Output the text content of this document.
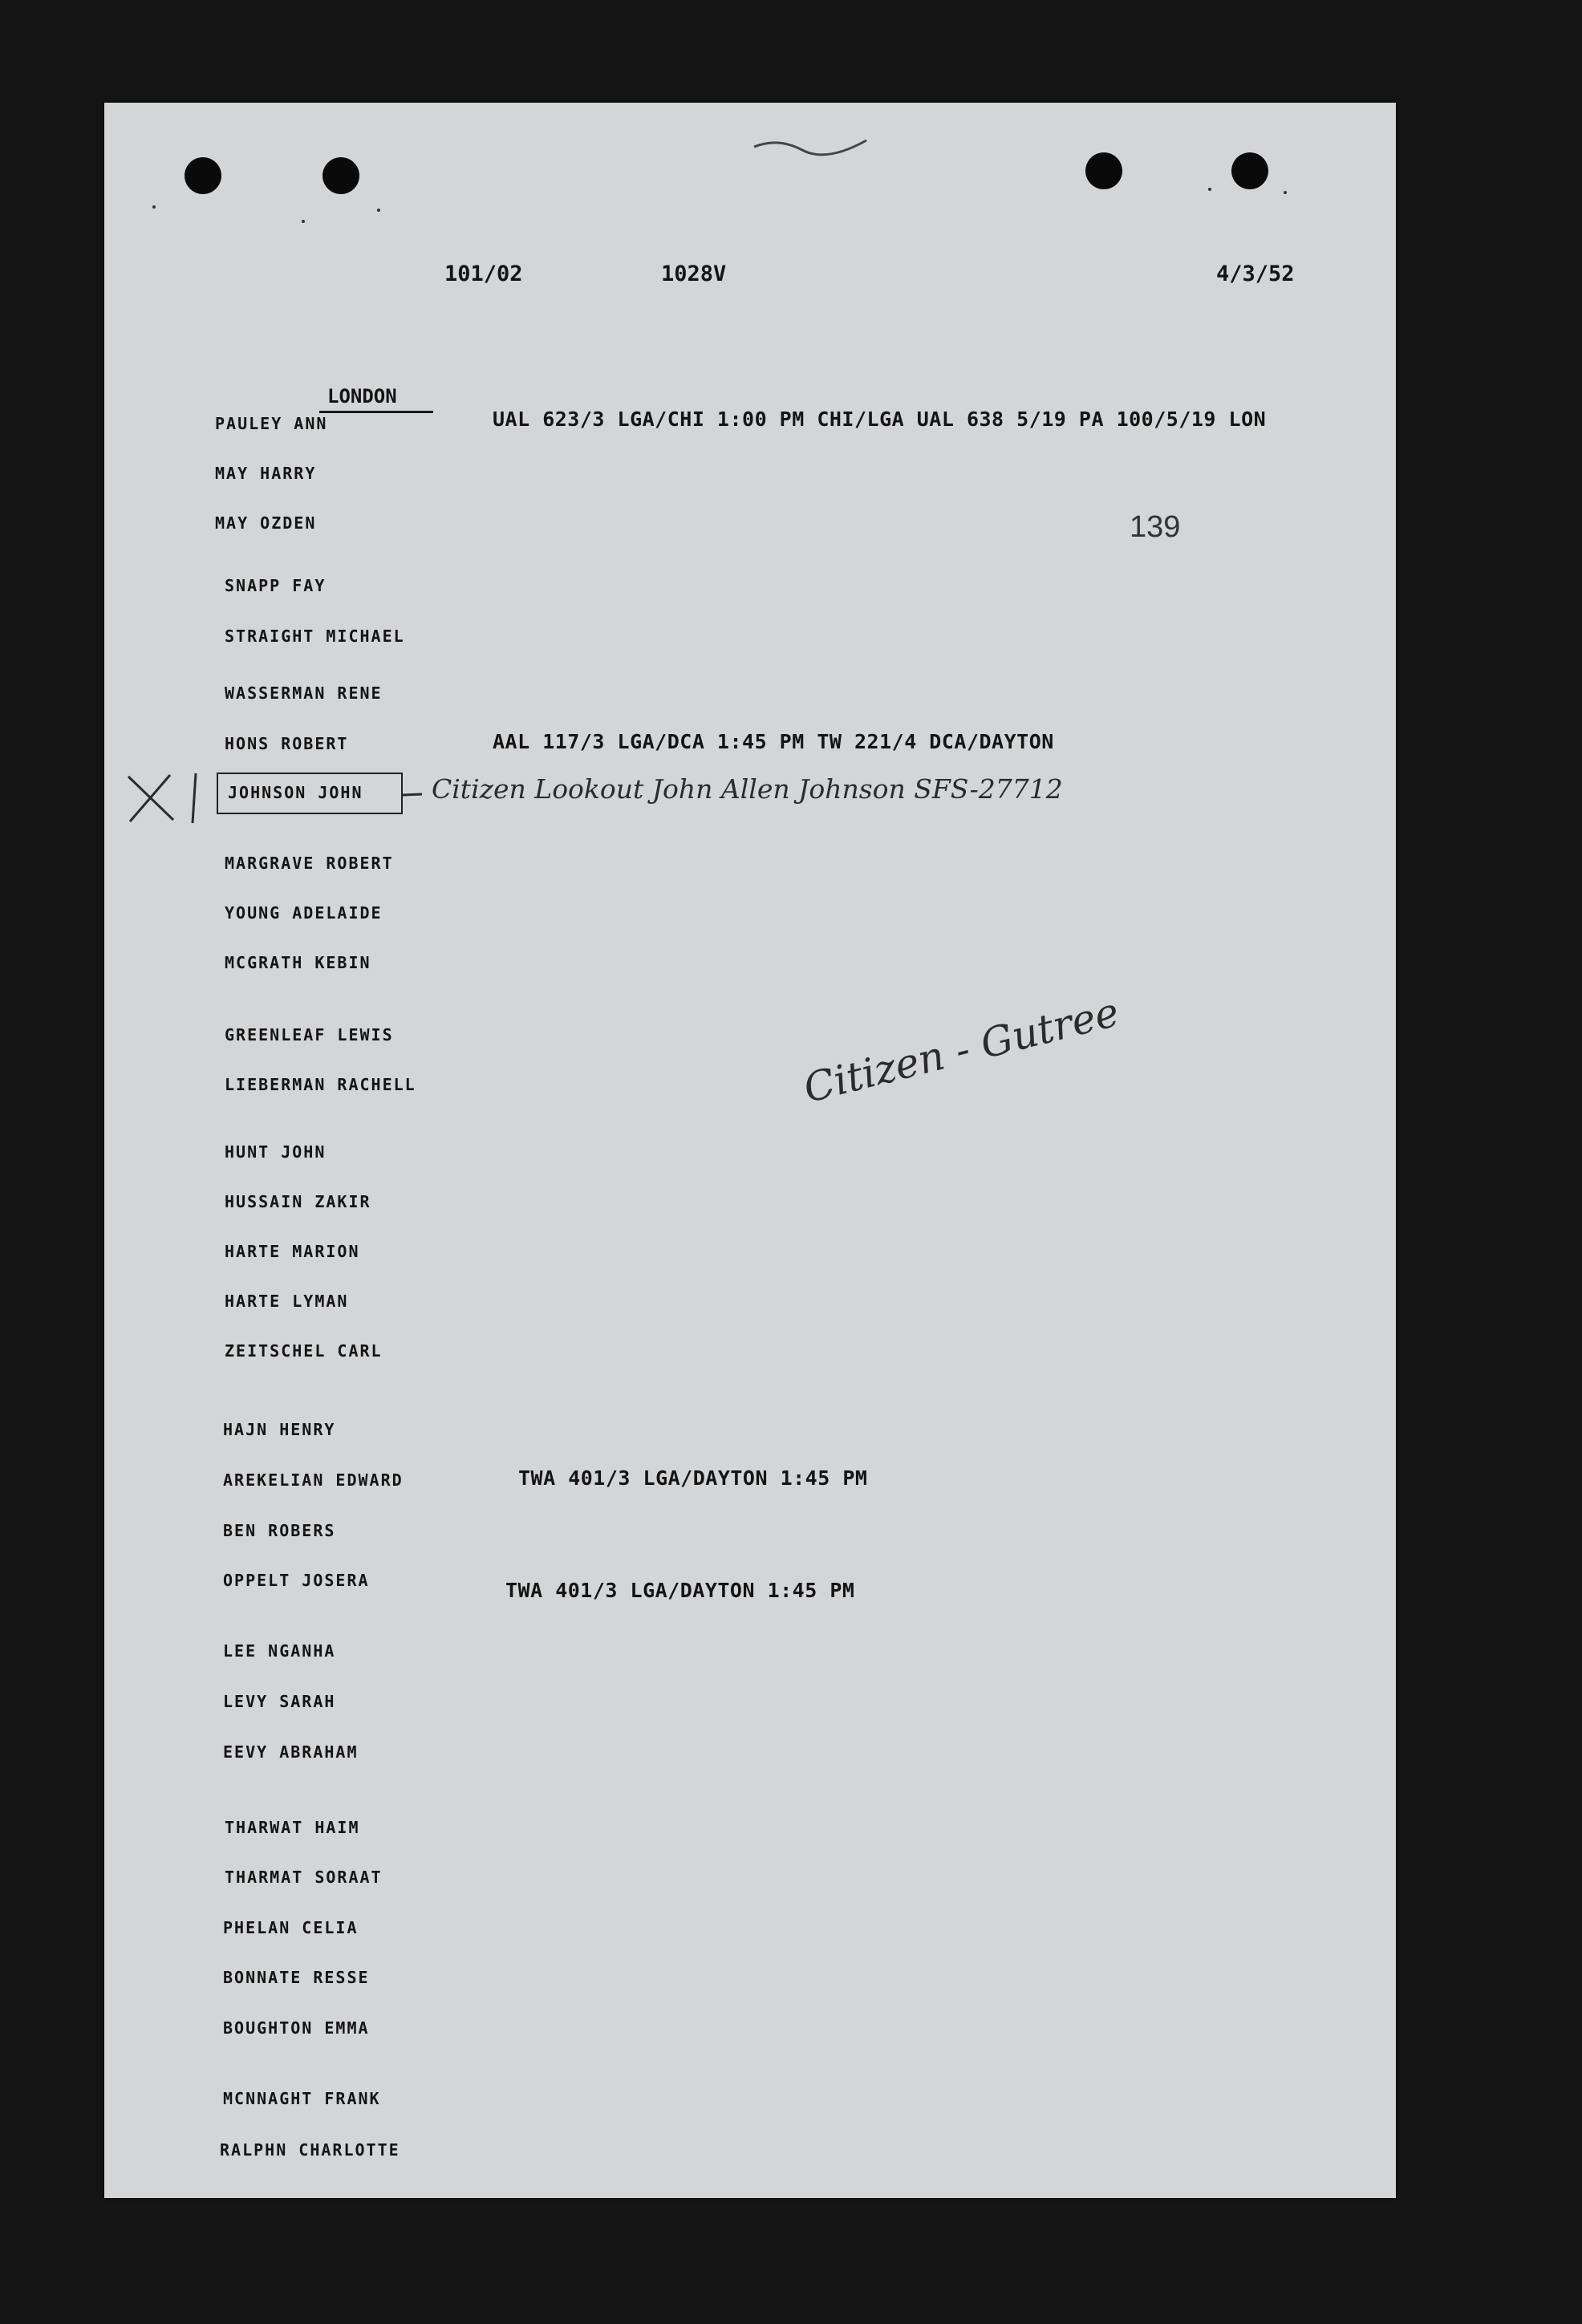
101/02	1028V	4/3/52
LONDON
139
PAULEY ANN
MAY HARRY
MAY OZDEN
SNAPP FAY
STRAIGHT MICHAEL
WASSERMAN RENE
HONS ROBERT
JOHNSON JOHN
MARGRAVE ROBERT
YOUNG ADELAIDE
MCGRATH KEBIN
GREENLEAF LEWIS
LIEBERMAN RACHELL
HUNT JOHN
HUSSAIN ZAKIR
HARTE MARION
HARTE LYMAN
ZEITSCHEL CARL
HAJN HENRY
AREKELIAN EDWARD
BEN ROBERS
OPPELT JOSERA
LEE NGANHA
LEVY SARAH
EEVY ABRAHAM
THARWAT HAIM
THARMAT SORAAT
PHELAN CELIA
BONNATE RESSE
BOUGHTON EMMA
MCNNAGHT FRANK
RALPHN CHARLOTTE
UAL 623/3 LGA/CHI 1:00 PM CHI/LGA UAL 638 5/19 PA 100/5/19 LON
AAL 117/3 LGA/DCA 1:45 PM TW 221/4 DCA/DAYTON
TWA 401/3 LGA/DAYTON 1:45 PM
TWA 401/3 LGA/DAYTON 1:45 PM
Citizen Lookout John Allen Johnson SFS-27712
Citizen - Gutree
